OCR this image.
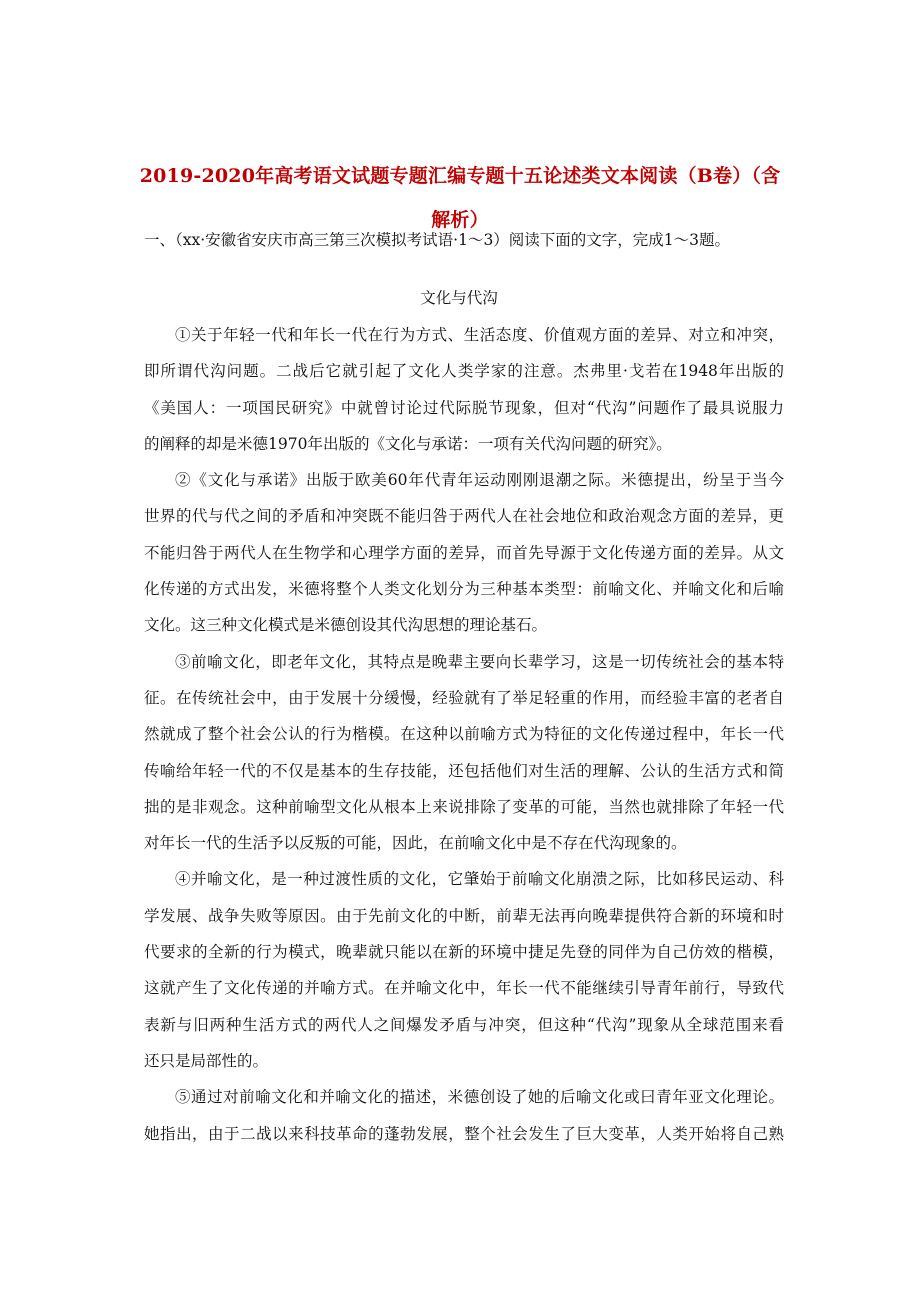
2019-2020年高考语文试题专题汇编专题十五论述类文本阅读（B卷）（含
解析）
一、（xx·安徽省安庆市高三第三次模拟考试语·1～3）阅读下面的文字，完成1～3题。
文化与代沟
①关于年轻一代和年长一代在行为方式、生活态度、价值观方面的差异、对立和冲突，
即所谓代沟问题。二战后它就引起了文化人类学家的注意。杰弗里·戈若在1948年出版的
《美国人：一项国民研究》中就曾讨论过代际脱节现象，但对“代沟”问题作了最具说服力
的阐释的却是米德1970年出版的《文化与承诺：一项有关代沟问题的研究》。
②《文化与承诺》出版于欧美60年代青年运动刚刚退潮之际。米德提出，纷呈于当今
世界的代与代之间的矛盾和冲突既不能归咎于两代人在社会地位和政治观念方面的差异，更
不能归咎于两代人在生物学和心理学方面的差异，而首先导源于文化传递方面的差异。从文
化传递的方式出发，米德将整个人类文化划分为三种基本类型：前喻文化、并喻文化和后喻
文化。这三种文化模式是米德创设其代沟思想的理论基石。
③前喻文化，即老年文化，其特点是晚辈主要向长辈学习，这是一切传统社会的基本特
征。在传统社会中，由于发展十分缓慢，经验就有了举足轻重的作用，而经验丰富的老者自
然就成了整个社会公认的行为楷模。在这种以前喻方式为特征的文化传递过程中，年长一代
传喻给年轻一代的不仅是基本的生存技能，还包括他们对生活的理解、公认的生活方式和简
拙的是非观念。这种前喻型文化从根本上来说排除了变革的可能，当然也就排除了年轻一代
对年长一代的生活予以反叛的可能，因此，在前喻文化中是不存在代沟现象的。
④并喻文化，是一种过渡性质的文化，它肇始于前喻文化崩溃之际，比如移民运动、科
学发展、战争失败等原因。由于先前文化的中断，前辈无法再向晚辈提供符合新的环境和时
代要求的全新的行为模式，晚辈就只能以在新的环境中捷足先登的同伴为自己仿效的楷模，
这就产生了文化传递的并喻方式。在并喻文化中，年长一代不能继续引导青年前行，导致代
表新与旧两种生活方式的两代人之间爆发矛盾与冲突，但这种“代沟”现象从全球范围来看
还只是局部性的。
⑤通过对前喻文化和并喻文化的描述，米德创设了她的后喻文化或曰青年亚文化理论。
她指出，由于二战以来科技革命的蓬勃发展，整个社会发生了巨大变革，人类开始将自己熟
